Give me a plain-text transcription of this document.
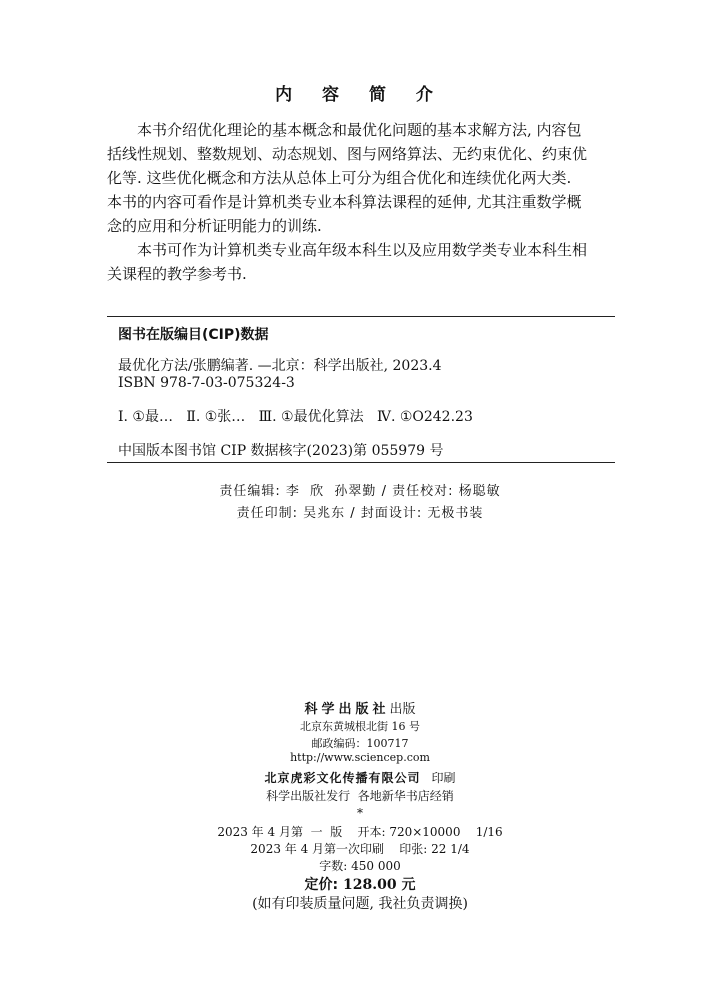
内 容 简 介
本书介绍优化理论的基本概念和最优化问题的基本求解方法, 内容包
括线性规划、整数规划、动态规划、图与网络算法、无约束优化、约束优
化等. 这些优化概念和方法从总体上可分为组合优化和连续优化两大类.
本书的内容可看作是计算机类专业本科算法课程的延伸, 尤其注重数学概
念的应用和分析证明能力的训练.
本书可作为计算机类专业高年级本科生以及应用数学类专业本科生相
关课程的教学参考书.
图书在版编目(CIP)数据
最优化方法/张鹏编著. —北京：科学出版社, 2023.4
ISBN 978-7-03-075324-3
Ⅰ. ①最…   Ⅱ. ①张…   Ⅲ. ①最优化算法   Ⅳ. ①O242.23
中国版本图书馆 CIP 数据核字(2023)第 055979 号
责任编辑: 李  欣  孙翠勤 / 责任校对: 杨聪敏
责任印制: 吴兆东 / 封面设计: 无极书装
科学出版社出版
北京东黄城根北街 16 号
邮政编码：100717
http://www.sciencep.com
北京虎彩文化传播有限公司 印刷
科学出版社发行  各地新华书店经销
*
2023 年 4 月第  一  版    开本: 720×10000    1/16
2023 年 4 月第一次印刷    印张: 22 1/4
字数: 450 000
定价: 128.00 元
(如有印装质量问题, 我社负责调换)
